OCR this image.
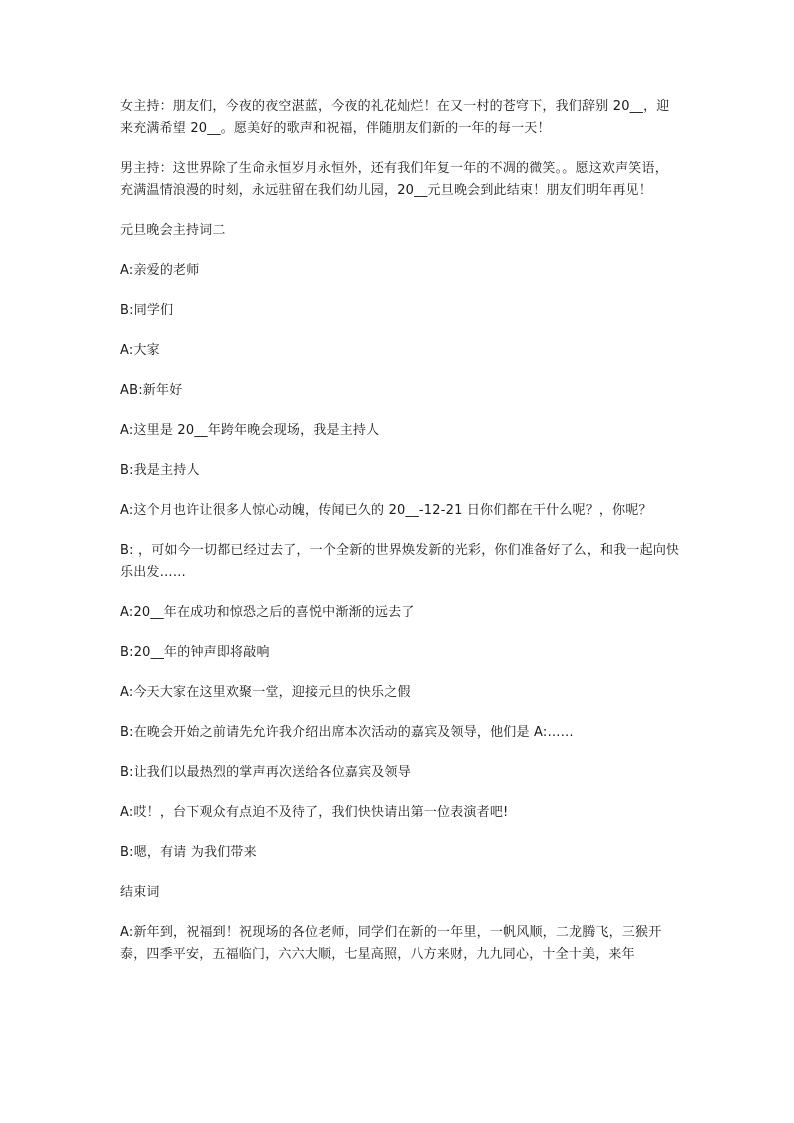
女主持：朋友们，今夜的夜空湛蓝，今夜的礼花灿烂！在又一村的苍穹下，我们辞别 20__，迎来充满希望 20__。愿美好的歌声和祝福，伴随朋友们新的一年的每一天！

男主持：这世界除了生命永恒岁月永恒外，还有我们年复一年的不凋的微笑。。愿这欢声笑语，充满温情浪漫的时刻，永远驻留在我们幼儿园，20__元旦晚会到此结束！朋友们明年再见！

元旦晚会主持词二

A:亲爱的老师

B:同学们

A:大家

AB:新年好

A:这里是 20__年跨年晚会现场，我是主持人

B:我是主持人

A:这个月也许让很多人惊心动魄，传闻已久的 20__-12-21 日你们都在干什么呢？，你呢？

B: ，可如今一切都已经过去了，一个全新的世界焕发新的光彩，你们准备好了么，和我一起向快乐出发……

A:20__年在成功和惊恐之后的喜悦中渐渐的远去了

B:20__年的钟声即将敲响

A:今天大家在这里欢聚一堂，迎接元旦的快乐之假

B:在晚会开始之前请先允许我介绍出席本次活动的嘉宾及领导，他们是 A:……

B:让我们以最热烈的掌声再次送给各位嘉宾及领导

A:哎！，台下观众有点迫不及待了，我们快快请出第一位表演者吧!

B:嗯，有请 为我们带来

结束词

A:新年到，祝福到！祝现场的各位老师，同学们在新的一年里，一帆风顺，二龙腾飞，三猴开泰，四季平安，五福临门，六六大顺，七星高照，八方来财，九九同心，十全十美，来年
